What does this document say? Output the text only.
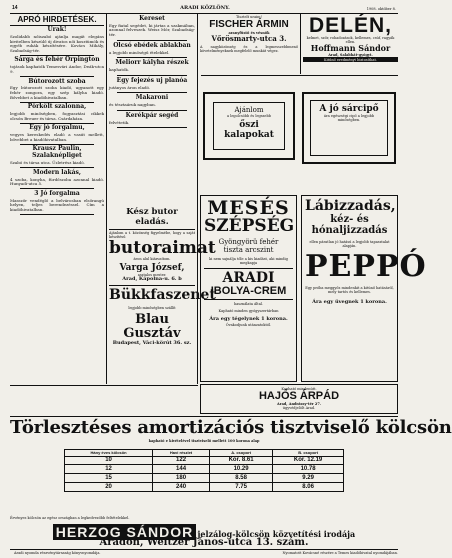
14	ARADI KÖZLÖNY.	1908. október 8.
APRÓ HIRDETÉSEK.
Urak!
Szolidabb nőiszabó ajánlja magát elegáns kivitelben készülő új divatos női kosztümök és egyéb ruhák készítésére. Kovács Mihály, Szabadság-tér.
Sárga és fehér Orpington
tojások kaphatók Temesvári Andor, Deák-utca 9.
Bútorozott szoba
Egy bútorozott szoba kiadó, ugyanott egy fehér zongora, egy szép kályha kiadó. Bővebbet a kiadóhivatalban.
Pörkölt szalonna,
legjobb minőségben, fogyasztási cikkek olcsón Breuer és társa. Csárdaháza.
Egy jó forgalmu,
vegyes kereskedés eladó a vasút mellett, bővebbet a kiadóhivatalban.
Krausz Paulin, Szalaknépliget
Szabó és társa utca. Üzletrész kiadó.
Modern lakás,
4 szoba, konyha, fürdőszoba azonnal kiadó. Hunyadi-utca 5.
3 Jó forgalma
Masszőr vendéglő a belvárosban elsőrangú helyen, teljes berendezéssel. Cím a kiadóhivatalban.
Kereset
Egy fiatal segédet, ki jártas a szakmában, azonnal felveszek. Weisz Mór, Szabadság-tér.
Olcsó ebédek ablakban
a legjobb minőségű ételekkel.
Meliorr kályha részek
kaphatók.
Egy fejezés uj planóa
jutányos áron eladó.
Makaroni
és tésztaáruk nagyban.
Kerékpár segéd
felvétetik.
Kész butor eladás.
Ajánlom a t. közönség figyelmébe, hogy a saját készítésű
butoraimat
áron alul kiárusítom.
Varga József,
asztalos mester.
Arad, Kápolna-u. 6. b
Bükkfaszenet
legjobb minőségben szállít
Blau Gusztáv
Budapest, Váci-körút 36. sz.
Tisztelt uraim!
FISCHER ÁRMIN
aranyfüstő és vésnök
Vőrösmarty-utca 3.
A nagyközönség és a legmesszebbmenő követelményeknek megfelelő munkát végez.
Ajánlom
a legolcsóbb és legszebb
őszi kalapokat
MESÉS
SZÉPSÉG
Gyöngyörü fehér
tiszta arcszint
ki nem sajnálja tőle a kis kiadást, aki mindig megkapja
ARADI
IBOLYA-CREM
használata által.
Kapható minden gyógyszertárban
Ára egy tégelynek 1 korona.
Óvakodjunk utánzatoktól.
DELÉN,
kelmet, szőr, rohadozások, kellemes, csúf, ragyák ellen.
Hoffmann Sándor
Arad, Salabhát-gyógyt.
Kitűnő eredményt biztosíthat.
A jó sárcipő
ára egészségi cipő a legjobb minőségben.
Lábizzadás,
kéz- és hónaljizzadás
ellen páratlan jó hatású a legjobb tapasztalat alapján.
PEPPÓ
Egy próba meggyőz mindenkit a kitünő hatásáról, mely tartós és kellemes.
Ára egy üvegnek 1 korona.
Kapható mindenütt.
HAJÓS ÁRPÁD
Arad, Andrássy-tér 27.
ügyvédjelölt Arad.
Törlesztéses amortizációs tisztviselő kölcsön
kapható e kivételével tisztviselő mellett 100 korona alap
Hány éves kölcsön	Havi részlet	A. csoport	B. csoport
10	122	Kor. 8.61	Kor. 12.19
12	144	10.29	10.78
15	180	8.58	9.29
20	240	7.75	8.06
Érvényes kölcsön az egész országban a legkedvezőbb feltételekkel.
HERZOG SÁNDOR jelzálog-kölcsön közvetítési irodája
Aradon, Weitzer János-utca 13. szám.
Aradi nyomda részvénytársaság könyvnyomdája.	Nyomatott Kovácsné részére a Temes kiadóhivatal nyomdájában.
